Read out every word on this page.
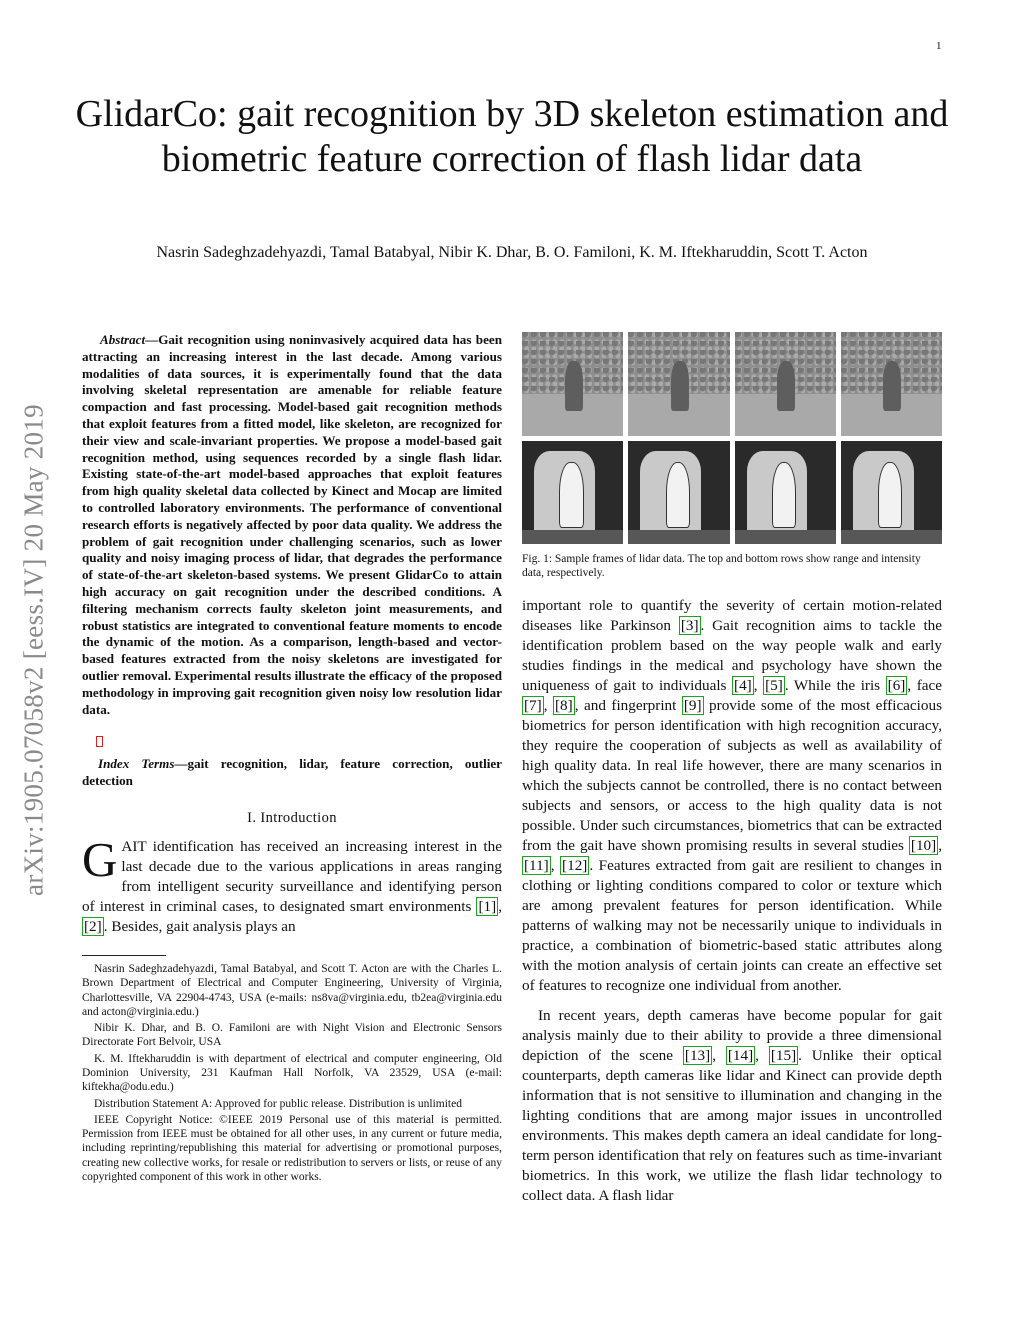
1
arXiv:1905.07058v2 [eess.IV] 20 May 2019
GlidarCo: gait recognition by 3D skeleton estimation and biometric feature correction of flash lidar data
Nasrin Sadeghzadehyazdi, Tamal Batabyal, Nibir K. Dhar, B. O. Familoni, K. M. Iftekharuddin, Scott T. Acton

Abstract—Gait recognition using noninvasively acquired data has been attracting an increasing interest in the last decade. Among various modalities of data sources, it is experimentally found that the data involving skeletal representation are amenable for reliable feature compaction and fast processing. Model-based gait recognition methods that exploit features from a fitted model, like skeleton, are recognized for their view and scale-invariant properties. We propose a model-based gait recognition method, using sequences recorded by a single flash lidar. Existing state-of-the-art model-based approaches that exploit features from high quality skeletal data collected by Kinect and Mocap are limited to controlled laboratory environments. The performance of conventional research efforts is negatively affected by poor data quality. We address the problem of gait recognition under challenging scenarios, such as lower quality and noisy imaging process of lidar, that degrades the performance of state-of-the-art skeleton-based systems. We present GlidarCo to attain high accuracy on gait recognition under the described conditions. A filtering mechanism corrects faulty skeleton joint measurements, and robust statistics are integrated to conventional feature moments to encode the dynamic of the motion. As a comparison, length-based and vector-based features extracted from the noisy skeletons are investigated for outlier removal. Experimental results illustrate the efficacy of the proposed methodology in improving gait recognition given noisy low resolution lidar data.

Index Terms—gait recognition, lidar, feature correction, outlier detection

I. Introduction

GAIT identification has received an increasing interest in the last decade due to the various applications in areas ranging from intelligent security surveillance and identifying person of interest in criminal cases, to designated smart environments [1] , [2] . Besides, gait analysis plays an

Nasrin Sadeghzadehyazdi, Tamal Batabyal, and Scott T. Acton are with the Charles L. Brown Department of Electrical and Computer Engineering, University of Virginia, Charlottesville, VA 22904-4743, USA (e-mails: ns8va@virginia.edu, tb2ea@virginia.edu and acton@virginia.edu.)

Nibir K. Dhar, and B. O. Familoni are with Night Vision and Electronic Sensors Directorate Fort Belvoir, USA

K. M. Iftekharuddin is with department of electrical and computer engineering, Old Dominion University, 231 Kaufman Hall Norfolk, VA 23529, USA (e-mail: kiftekha@odu.edu.)

Distribution Statement A: Approved for public release. Distribution is unlimited

IEEE Copyright Notice: ©IEEE 2019 Personal use of this material is permitted. Permission from IEEE must be obtained for all other uses, in any current or future media, including reprinting/republishing this material for advertising or promotional purposes, creating new collective works, for resale or redistribution to servers or lists, or reuse of any copyrighted component of this work in other works.

Fig. 1: Sample frames of lidar data. The top and bottom rows show range and intensity data, respectively.

important role to quantify the severity of certain motion-related diseases like Parkinson [3] . Gait recognition aims to tackle the identification problem based on the way people walk and early studies findings in the medical and psychology have shown the uniqueness of gait to individuals [4] , [5] . While the iris [6] , face [7] , [8] , and fingerprint [9] provide some of the most efficacious biometrics for person identification with high recognition accuracy, they require the cooperation of subjects as well as availability of high quality data. In real life however, there are many scenarios in which the subjects cannot be controlled, there is no contact between subjects and sensors, or access to the high quality data is not possible. Under such circumstances, biometrics that can be extracted from the gait have shown promising results in several studies [10] , [11] , [12] . Features extracted from gait are resilient to changes in clothing or lighting conditions compared to color or texture which are among prevalent features for person identification. While patterns of walking may not be necessarily unique to individuals in practice, a combination of biometric-based static attributes along with the motion analysis of certain joints can create an effective set of features to recognize one individual from another.

In recent years, depth cameras have become popular for gait analysis mainly due to their ability to provide a three dimensional depiction of the scene [13] , [14] , [15] . Unlike their optical counterparts, depth cameras like lidar and Kinect can provide depth information that is not sensitive to illumination and changing in the lighting conditions that are among major issues in uncontrolled environments. This makes depth camera an ideal candidate for long-term person identification that rely on features such as time-invariant biometrics. In this work, we utilize the flash lidar technology to collect data. A flash lidar
